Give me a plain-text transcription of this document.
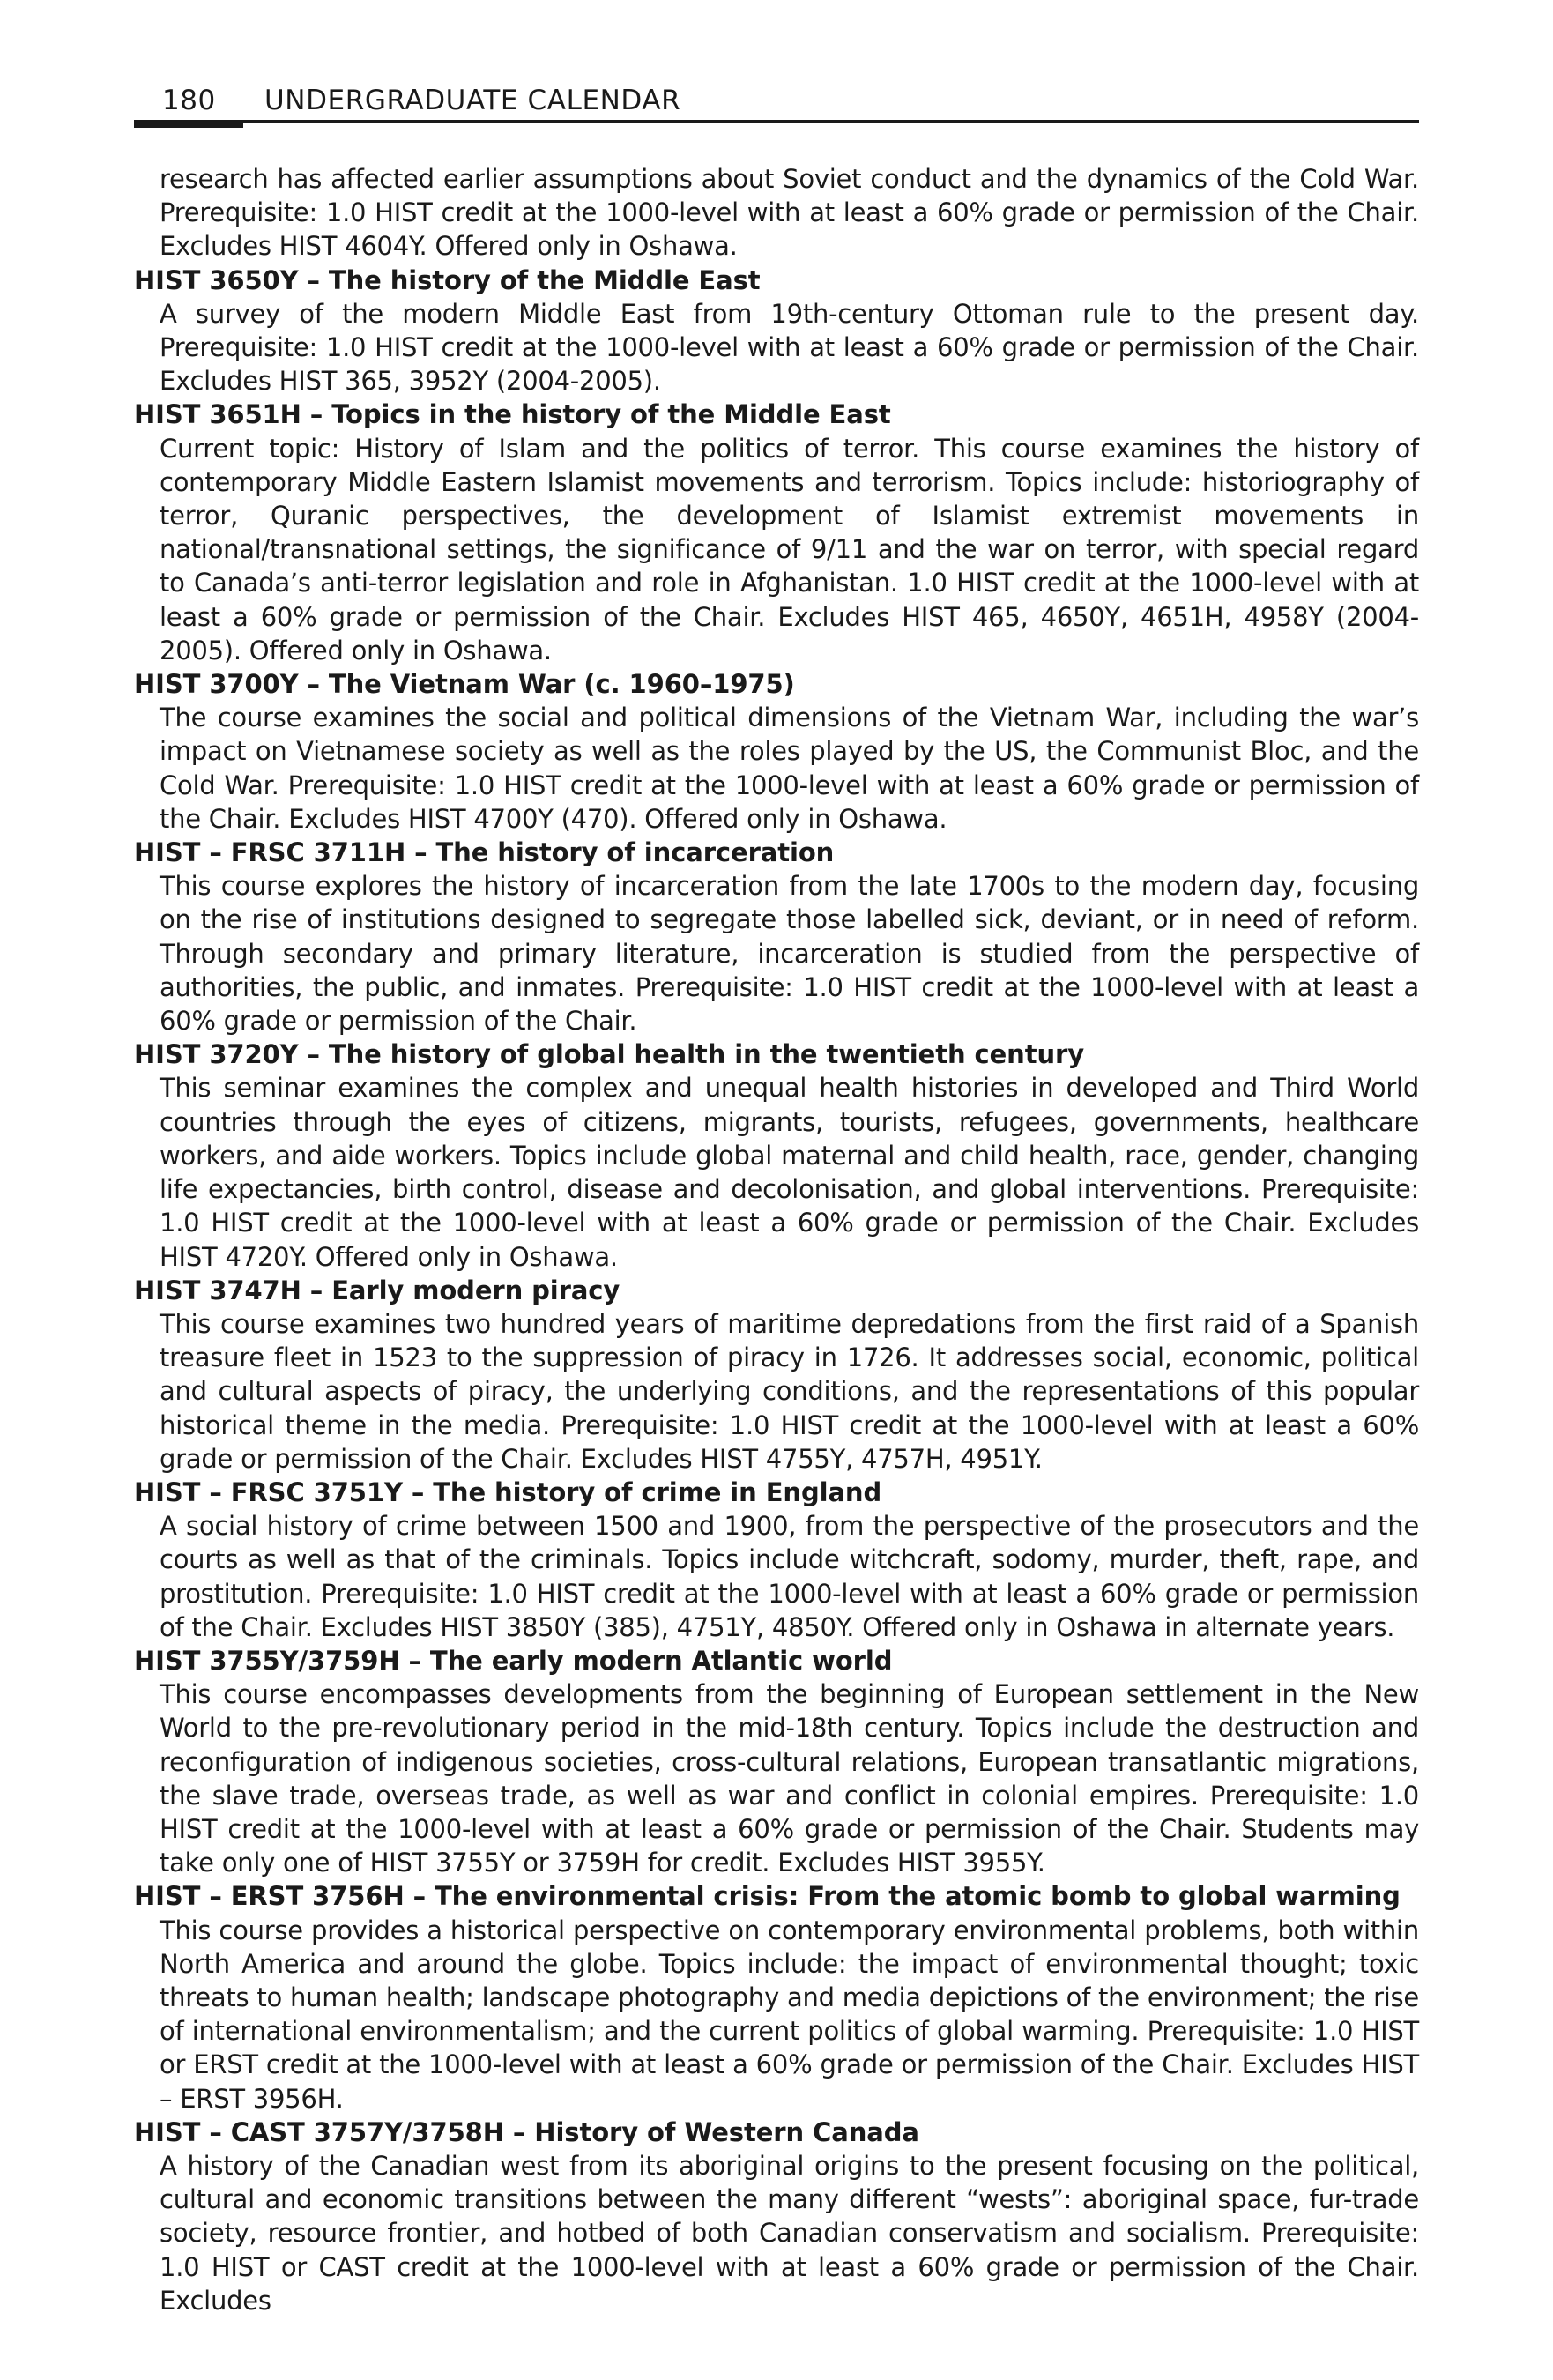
180 UNDERGRADUATE CALENDAR

research has affected earlier assumptions about Soviet conduct and the dynamics of the Cold War. Prerequisite: 1.0 HIST credit at the 1000-level with at least a 60% grade or permission of the Chair. Excludes HIST 4604Y. Offered only in Oshawa.

HIST 3650Y – The history of the Middle East

A survey of the modern Middle East from 19th-century Ottoman rule to the present day. Prerequisite: 1.0 HIST credit at the 1000-level with at least a 60% grade or permission of the Chair. Excludes HIST 365, 3952Y (2004-2005).

HIST 3651H – Topics in the history of the Middle East

Current topic: History of Islam and the politics of terror. This course examines the history of contemporary Middle Eastern Islamist movements and terrorism. Topics include: historiography of terror, Quranic perspectives, the development of Islamist extremist movements in national/transnational settings, the significance of 9/11 and the war on terror, with special regard to Canada’s anti-terror legislation and role in Afghanistan. 1.0 HIST credit at the 1000-level with at least a 60% grade or permission of the Chair. Excludes HIST 465, 4650Y, 4651H, 4958Y (2004-2005). Offered only in Oshawa.

HIST 3700Y – The Vietnam War (c. 1960–1975)

The course examines the social and political dimensions of the Vietnam War, including the war’s impact on Vietnamese society as well as the roles played by the US, the Communist Bloc, and the Cold War. Prerequisite: 1.0 HIST credit at the 1000-level with at least a 60% grade or permission of the Chair. Excludes HIST 4700Y (470). Offered only in Oshawa.

HIST – FRSC 3711H – The history of incarceration

This course explores the history of incarceration from the late 1700s to the modern day, focusing on the rise of institutions designed to segregate those labelled sick, deviant, or in need of reform. Through secondary and primary literature, incarceration is studied from the perspective of authorities, the public, and inmates. Prerequisite: 1.0 HIST credit at the 1000-level with at least a 60% grade or permission of the Chair.

HIST 3720Y – The history of global health in the twentieth century

This seminar examines the complex and unequal health histories in developed and Third World countries through the eyes of citizens, migrants, tourists, refugees, governments, healthcare workers, and aide workers. Topics include global maternal and child health, race, gender, changing life expectancies, birth control, disease and decolonisation, and global interventions. Prerequisite: 1.0 HIST credit at the 1000-level with at least a 60% grade or permission of the Chair. Excludes HIST 4720Y. Offered only in Oshawa.

HIST 3747H – Early modern piracy

This course examines two hundred years of maritime depredations from the first raid of a Spanish treasure fleet in 1523 to the suppression of piracy in 1726. It addresses social, economic, political and cultural aspects of piracy, the underlying conditions, and the representations of this popular historical theme in the media. Prerequisite: 1.0 HIST credit at the 1000-level with at least a 60% grade or permission of the Chair. Excludes HIST 4755Y, 4757H, 4951Y.

HIST – FRSC 3751Y – The history of crime in England

A social history of crime between 1500 and 1900, from the perspective of the prosecutors and the courts as well as that of the criminals. Topics include witchcraft, sodomy, murder, theft, rape, and prostitution. Prerequisite: 1.0 HIST credit at the 1000-level with at least a 60% grade or permission of the Chair. Excludes HIST 3850Y (385), 4751Y, 4850Y. Offered only in Oshawa in alternate years.

HIST 3755Y/3759H – The early modern Atlantic world

This course encompasses developments from the beginning of European settlement in the New World to the pre-revolutionary period in the mid-18th century. Topics include the destruction and reconfiguration of indigenous societies, cross-cultural relations, European transatlantic migrations, the slave trade, overseas trade, as well as war and conflict in colonial empires. Prerequisite: 1.0 HIST credit at the 1000-level with at least a 60% grade or permission of the Chair. Students may take only one of HIST 3755Y or 3759H for credit. Excludes HIST 3955Y.

HIST – ERST 3756H – The environmental crisis: From the atomic bomb to global warming

This course provides a historical perspective on contemporary environmental problems, both within North America and around the globe. Topics include: the impact of environmental thought; toxic threats to human health; landscape photography and media depictions of the environment; the rise of international environmentalism; and the current politics of global warming. Prerequisite: 1.0 HIST or ERST credit at the 1000-level with at least a 60% grade or permission of the Chair. Excludes HIST – ERST 3956H.

HIST – CAST 3757Y/3758H – History of Western Canada

A history of the Canadian west from its aboriginal origins to the present focusing on the political, cultural and economic transitions between the many different “wests”: aboriginal space, fur-trade society, resource frontier, and hotbed of both Canadian conservatism and socialism. Prerequisite: 1.0 HIST or CAST credit at the 1000-level with at least a 60% grade or permission of the Chair. Excludes
